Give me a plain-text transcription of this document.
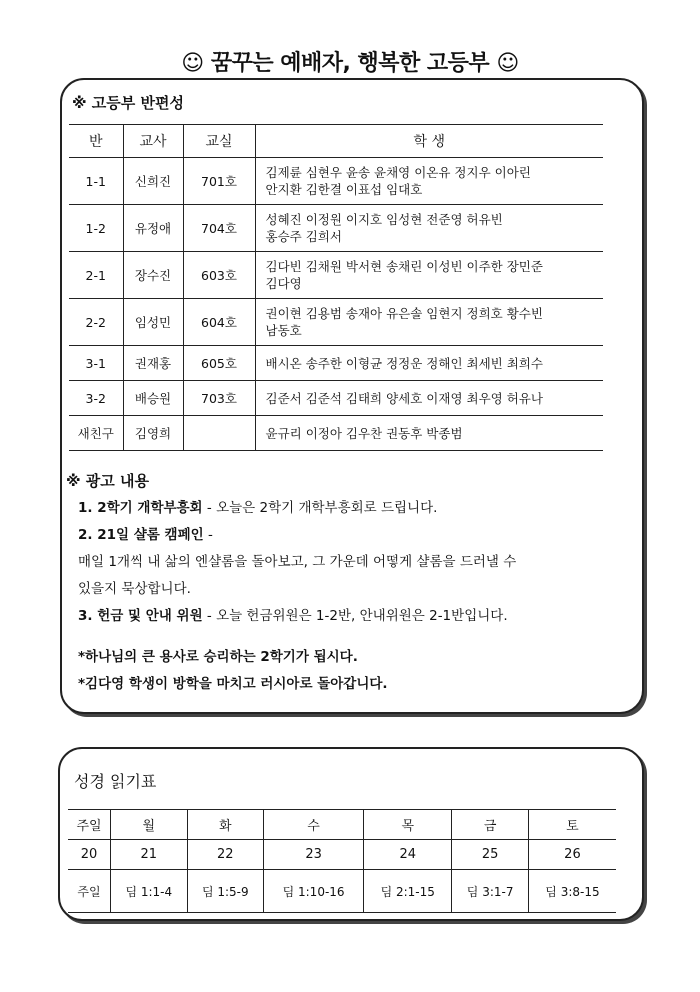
☺ 꿈꾸는 예배자, 행복한 고등부 ☺
※ 고등부 반편성
반	교사	교실	학 생
1-1	신희진	701호	김제륜 심현우 윤송 윤채영 이온유 정지우 이아린
안지환 김한결 이표섭 임대호

1-2	유정애	704호	성혜진 이정원 이지호 임성현 전준영 허유빈
홍승주 김희서

2-1	장수진	603호	김다빈 김채원 박서현 송채린 이성빈 이주한 장민준
김다영

2-2	임성민	604호	권이현 김용범 송재아 유은솔 임현지 정희호 황수빈
남동호

3-1	권재홍	605호	배시온 송주한 이형균 정정운 정해인 최세빈 최희수

3-2	배승원	703호	김준서 김준석 김태희 양세호 이재영 최우영 허유나

새친구	김영희		윤규리 이정아 김우찬 권동후 박종범
※ 광고 내용
1. 2학기 개학부흥회 - 오늘은 2학기 개학부흥회로 드립니다.
2. 21일 샬롬 캠페인 -
매일 1개씩 내 삶의 엔샬롬을 돌아보고, 그 가운데 어떻게 샬롬을 드러낼 수
있을지 묵상합니다.
3. 헌금 및 안내 위원 - 오늘 헌금위원은 1-2반, 안내위원은 2-1반입니다.
*하나님의 큰 용사로 승리하는 2학기가 됩시다.
*김다영 학생이 방학을 마치고 러시아로 돌아갑니다.
성경 읽기표
주일	월	화	수	목	금	토
20	21	22	23	24	25	26
주일	딤 1:1-4	딤 1:5-9	딤 1:10-16	딤 2:1-15	딤 3:1-7	딤 3:8-15
